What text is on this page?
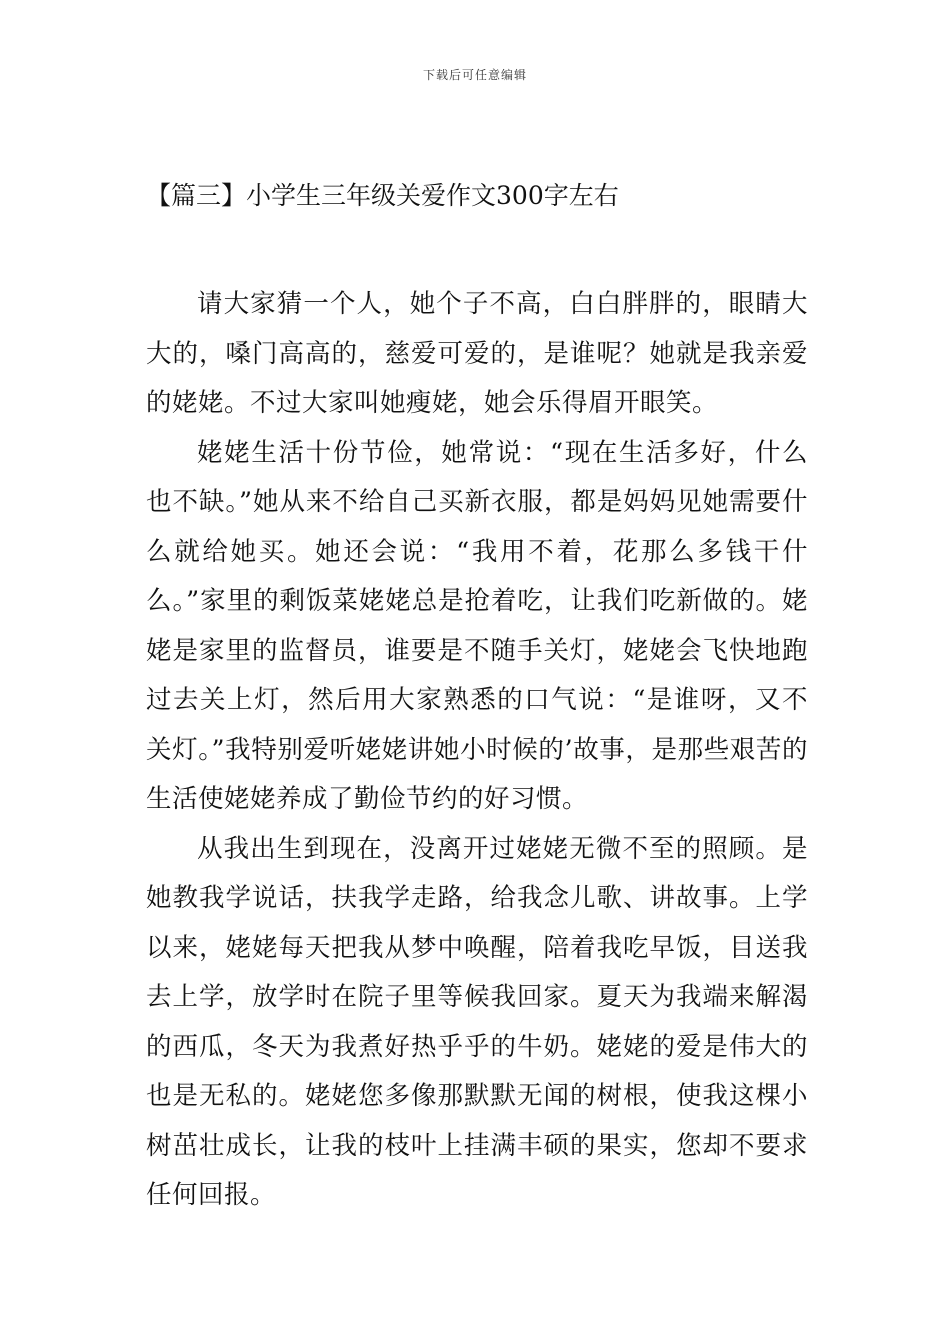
下载后可任意编辑
【篇三】小学生三年级关爱作文300字左右

请大家猜一个人，她个子不高，白白胖胖的，眼睛大大的，嗓门高高的，慈爱可爱的，是谁呢？她就是我亲爱的姥姥。不过大家叫她瘦姥，她会乐得眉开眼笑。

姥姥生活十份节俭，她常说：“现在生活多好，什么也不缺。”她从来不给自己买新衣服，都是妈妈见她需要什么就给她买。她还会说：“我用不着，花那么多钱干什么。”家里的剩饭菜姥姥总是抢着吃，让我们吃新做的。姥姥是家里的监督员，谁要是不随手关灯，姥姥会飞快地跑过去关上灯，然后用大家熟悉的口气说：“是谁呀，又不关灯。”我特别爱听姥姥讲她小时候的’故事，是那些艰苦的生活使姥姥养成了勤俭节约的好习惯。

从我出生到现在，没离开过姥姥无微不至的照顾。是她教我学说话，扶我学走路，给我念儿歌、讲故事。上学以来，姥姥每天把我从梦中唤醒，陪着我吃早饭，目送我去上学，放学时在院子里等候我回家。夏天为我端来解渴的西瓜，冬天为我煮好热乎乎的牛奶。姥姥的爱是伟大的也是无私的。姥姥您多像那默默无闻的树根，使我这棵小树茁壮成长，让我的枝叶上挂满丰硕的果实，您却不要求任何回报。
